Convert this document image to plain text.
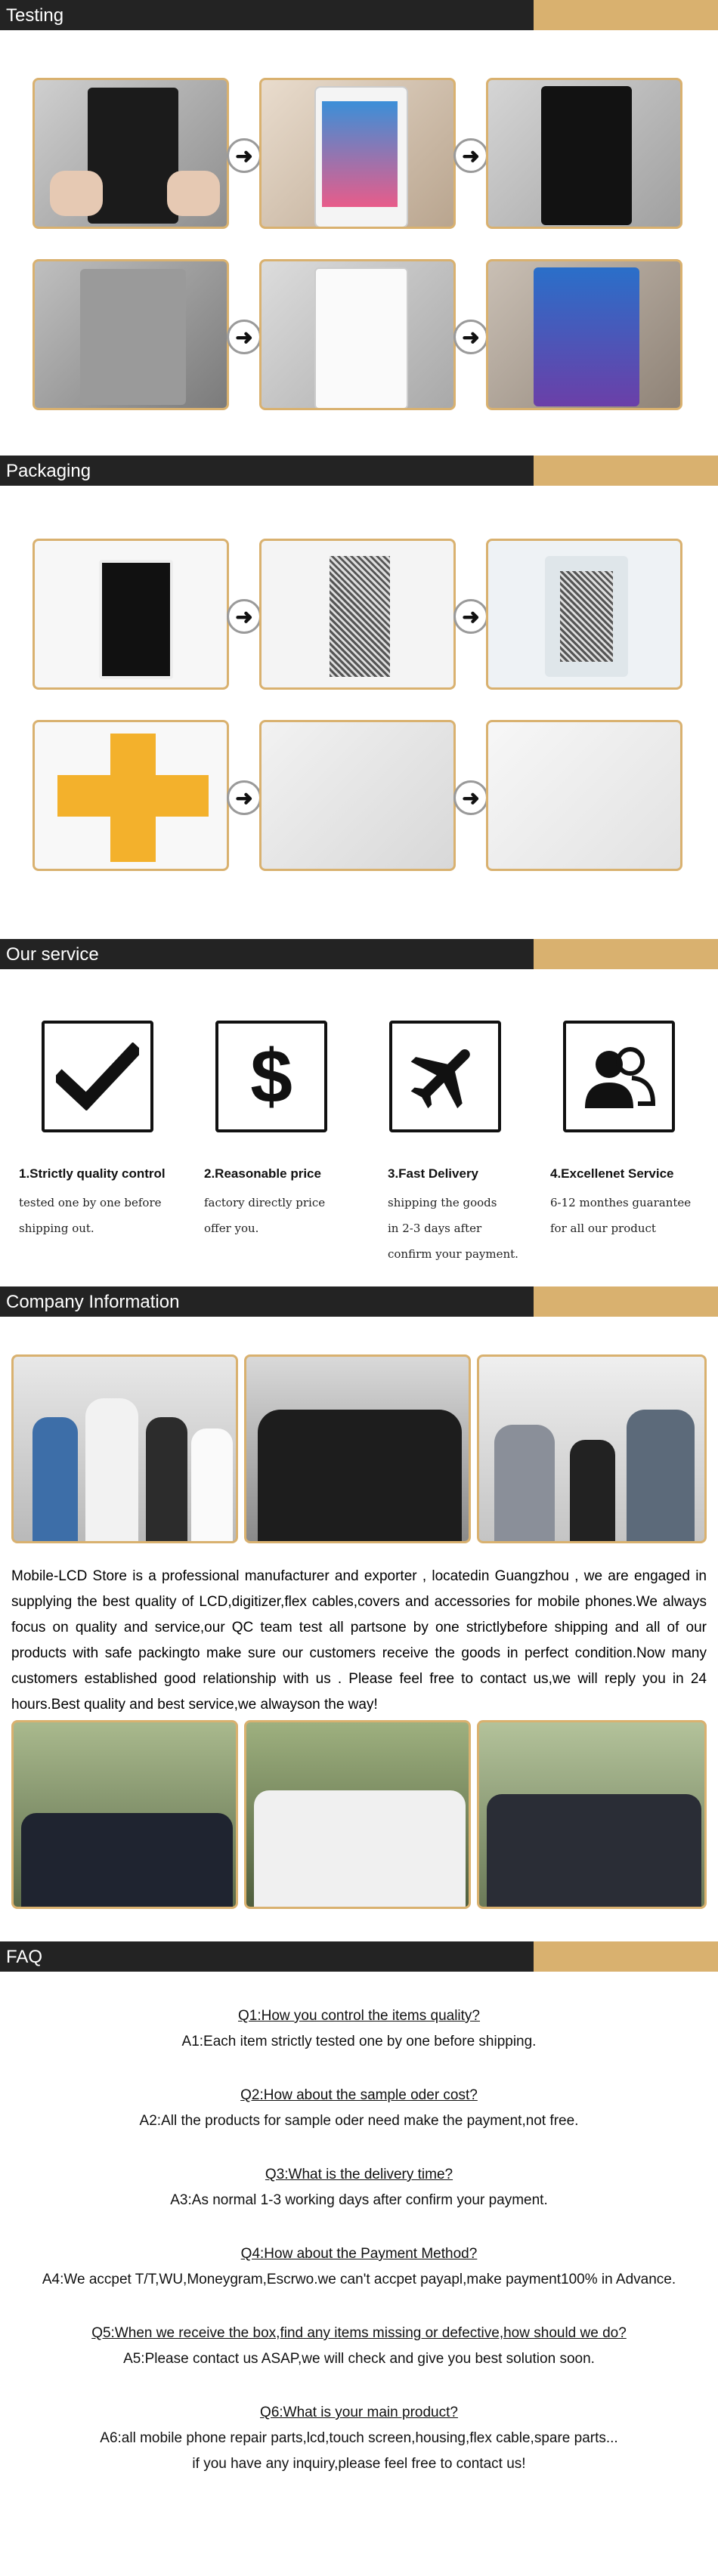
Testing
➜	➜
➜	➜
Packaging
➜	➜
➜	➜
Our service
$
1.Strictly quality control
tested one by one before
shipping out.
2.Reasonable price
factory directly price
offer you.
3.Fast Delivery
shipping the goods
in 2-3 days after
confirm your payment.
4.Excellenet Service
6-12 monthes guarantee
for all our product
Company Information
Mobile-LCD Store is a professional manufacturer and exporter , locatedin Guangzhou , we are engaged in supplying the best quality of LCD,digitizer,flex cables,covers and accessories for mobile phones.We always focus on quality and service,our QC team test all partsone by one strictlybefore shipping and all of our products with safe packingto make sure our customers receive the goods in perfect condition.Now many customers established good relationship with us . Please feel free to contact us,we will reply you in 24 hours.Best quality and best service,we alwayson the way!
FAQ
Q1:How you control the items quality?
A1:Each item strictly tested one by one before shipping.
Q2:How about the sample oder cost?
A2:All the products for sample oder need make the payment,not free.
Q3:What is the delivery time?
A3:As normal 1-3 working days after confirm your payment.
Q4:How about the Payment Method?
A4:We accpet T/T,WU,Moneygram,Escrwo.we can't accpet payapl,make payment100% in Advance.
Q5:When we receive the box,find any items missing or defective,how should we do?
A5:Please contact us ASAP,we will check and give you best solution soon.
Q6:What is your main product?
A6:all mobile phone repair parts,lcd,touch screen,housing,flex cable,spare parts...
if you have any inquiry,please feel free to contact us!
